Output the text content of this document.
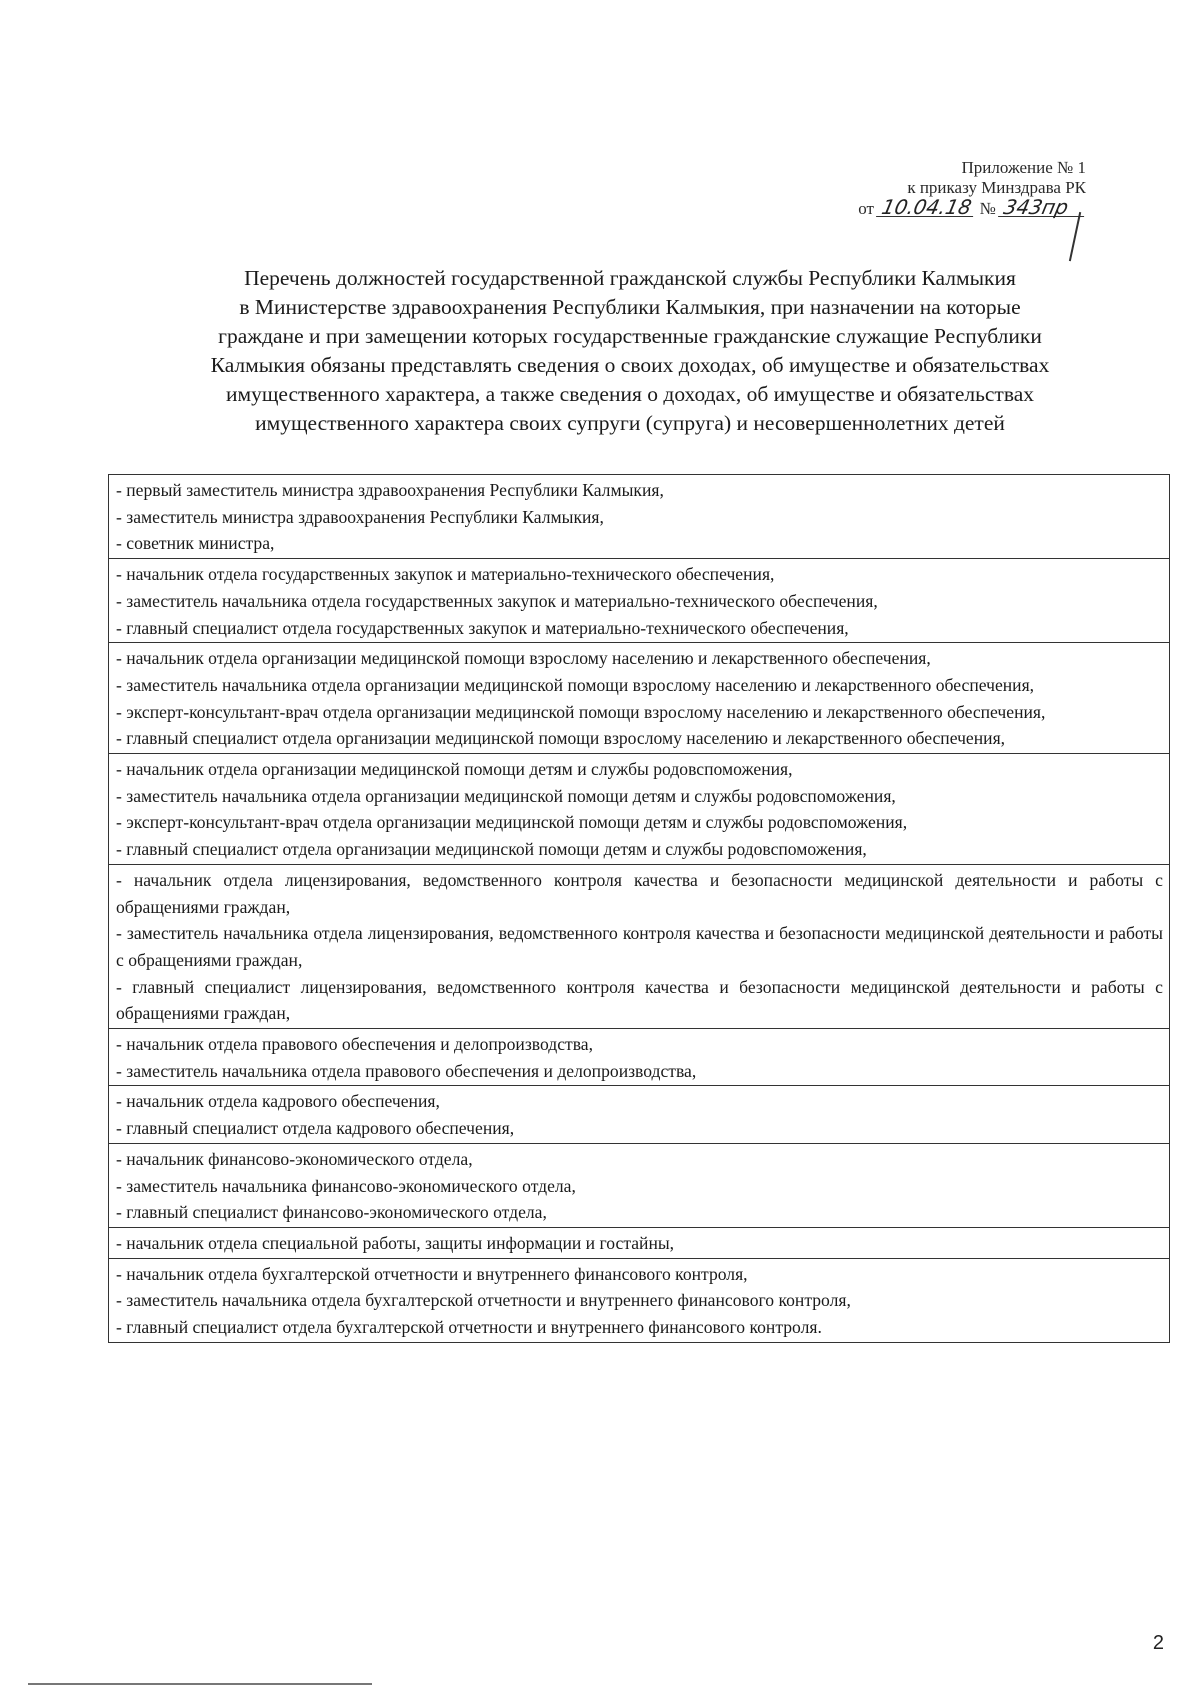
Приложение № 1
к приказу Минздрава РК
от 10.04.18 № 343пр
Перечень должностей государственной гражданской службы Республики Калмыкия
в Министерстве здравоохранения Республики Калмыкия, при назначении на которые
граждане и при замещении которых государственные гражданские служащие Республики
Калмыкия обязаны представлять сведения о своих доходах, об имуществе и обязательствах
имущественного характера, а также сведения о доходах, об имуществе и обязательствах
имущественного характера своих супруги (супруга) и несовершеннолетних детей
- первый заместитель министра здравоохранения Республики Калмыкия,
- заместитель министра здравоохранения Республики Калмыкия,
- советник министра,
- начальник отдела государственных закупок и материально-технического обеспечения,
- заместитель начальника отдела государственных закупок и материально-технического обеспечения,
- главный специалист отдела государственных закупок и материально-технического обеспечения,
- начальник отдела организации медицинской помощи взрослому населению и лекарственного обеспечения,
- заместитель начальника отдела организации медицинской помощи взрослому населению и лекарственного обеспечения,
- эксперт-консультант-врач отдела организации медицинской помощи взрослому населению и лекарственного обеспечения,
- главный специалист отдела организации медицинской помощи взрослому населению и лекарственного обеспечения,
- начальник отдела организации медицинской помощи детям и службы родовспоможения,
- заместитель начальника отдела организации медицинской помощи детям и службы родовспоможения,
- эксперт-консультант-врач отдела организации медицинской помощи детям и службы родовспоможения,
- главный специалист отдела организации медицинской помощи детям и службы родовспоможения,
- начальник отдела лицензирования, ведомственного контроля качества и безопасности медицинской деятельности и работы с обращениями граждан,
- заместитель начальника отдела лицензирования, ведомственного контроля качества и безопасности медицинской деятельности и работы с обращениями граждан,
- главный специалист лицензирования, ведомственного контроля качества и безопасности медицинской деятельности и работы с обращениями граждан,
- начальник отдела правового обеспечения и делопроизводства,
- заместитель начальника отдела правового обеспечения и делопроизводства,
- начальник отдела кадрового обеспечения,
- главный специалист отдела кадрового обеспечения,
- начальник финансово-экономического отдела,
- заместитель начальника финансово-экономического отдела,
- главный специалист финансово-экономического отдела,
- начальник отдела специальной работы, защиты информации и гостайны,
- начальник отдела бухгалтерской отчетности и внутреннего финансового контроля,
- заместитель начальника отдела бухгалтерской отчетности и внутреннего финансового контроля,
- главный специалист отдела бухгалтерской отчетности и внутреннего финансового контроля.
2
